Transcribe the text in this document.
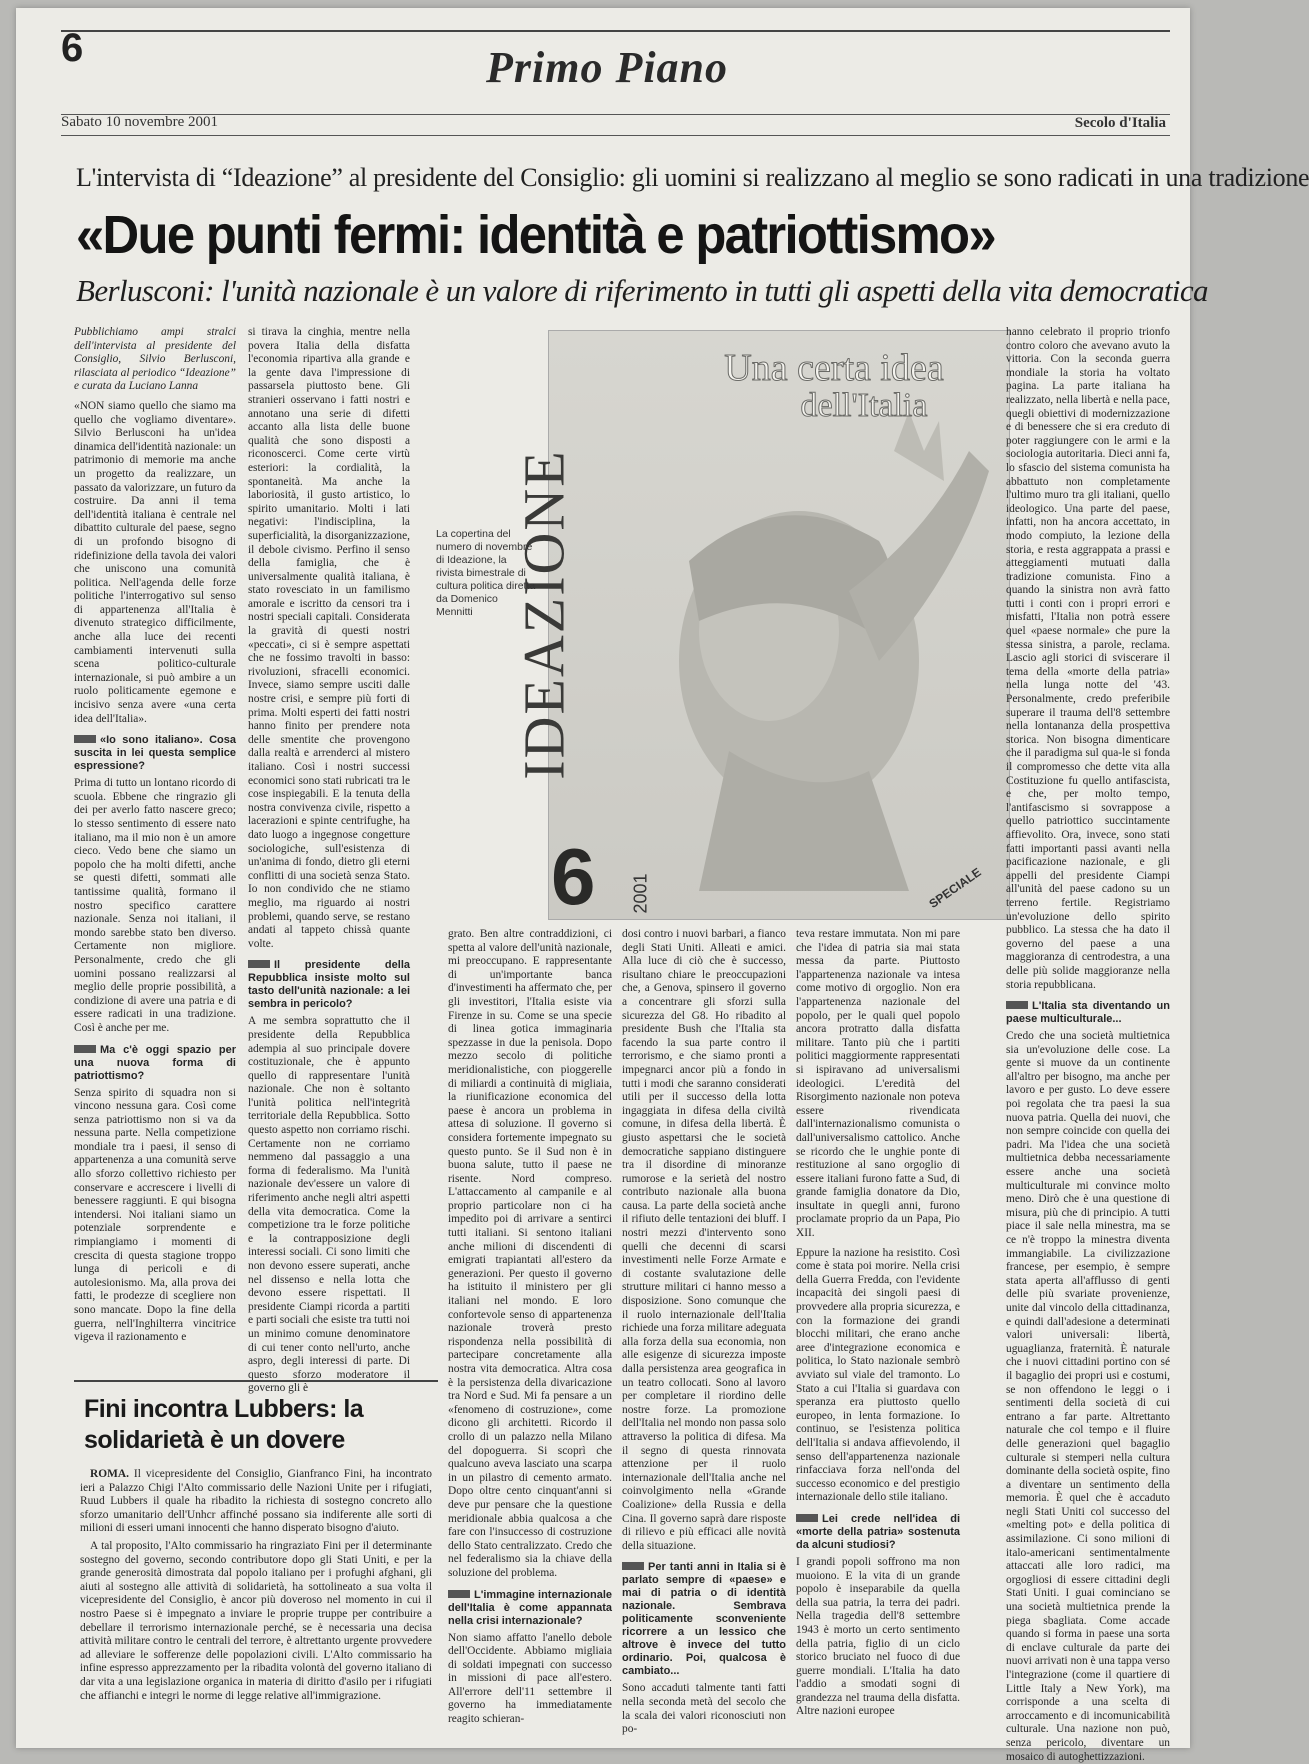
6	Primo Piano
Sabato 10 novembre 2001	Secolo d'Italia
L'intervista di “Ideazione” al presidente del Consiglio: gli uomini si realizzano al meglio se sono radicati in una tradizione
«Due punti fermi: identità e patriottismo»
Berlusconi: l'unità nazionale è un valore di riferimento in tutti gli aspetti della vita democratica

Pubblichiamo ampi stralci dell'intervista al presidente del Consiglio, Silvio Berlusconi, rilasciata al periodico “Ideazione” e curata da Luciano Lanna

«NON siamo quello che siamo ma quello che vogliamo diventare». Silvio Berlusconi ha un'idea dinamica dell'identità nazionale: un patrimonio di memorie ma anche un progetto da realizzare, un passato da valorizzare, un futuro da costruire. Da anni il tema dell'identità italiana è centrale nel dibattito culturale del paese, segno di un profondo bisogno di ridefinizione della tavola dei valori che uniscono una comunità politica. Nell'agenda delle forze politiche l'interrogativo sul senso di appartenenza all'Italia è divenuto strategico difficilmente, anche alla luce dei recenti cambiamenti intervenuti sulla scena politico-culturale internazionale, si può ambire a un ruolo politicamente egemone e incisivo senza avere «una certa idea dell'Italia».

«Io sono italiano». Cosa suscita in lei questa semplice espressione?

Prima di tutto un lontano ricordo di scuola. Ebbene che ringrazio gli dei per averlo fatto nascere greco; lo stesso sentimento di essere nato italiano, ma il mio non è un amore cieco. Vedo bene che siamo un popolo che ha molti difetti, anche se questi difetti, sommati alle tantissime qualità, formano il nostro specifico carattere nazionale. Senza noi italiani, il mondo sarebbe stato ben diverso. Certamente non migliore. Personalmente, credo che gli uomini possano realizzarsi al meglio delle proprie possibilità, a condizione di avere una patria e di essere radicati in una tradizione. Così è anche per me.

Ma c'è oggi spazio per una nuova forma di patriottismo?

Senza spirito di squadra non si vincono nessuna gara. Così come senza patriottismo non si va da nessuna parte. Nella competizione mondiale tra i paesi, il senso di appartenenza a una comunità serve allo sforzo collettivo richiesto per conservare e accrescere i livelli di benessere raggiunti. E qui bisogna intendersi. Noi italiani siamo un potenziale sorprendente e rimpiangiamo i momenti di crescita di questa stagione troppo lunga di pericoli e di autolesionismo. Ma, alla prova dei fatti, le prodezze di scegliere non sono mancate. Dopo la fine della guerra, nell'Inghilterra vincitrice vigeva il razionamento e

si tirava la cinghia, mentre nella povera Italia della disfatta l'economia ripartiva alla grande e la gente dava l'impressione di passarsela piuttosto bene. Gli stranieri osservano i fatti nostri e annotano una serie di difetti accanto alla lista delle buone qualità che sono disposti a riconoscerci. Come certe virtù esteriori: la cordialità, la spontaneità. Ma anche la laboriosità, il gusto artistico, lo spirito umanitario. Molti i lati negativi: l'indisciplina, la superficialità, la disorganizzazione, il debole civismo. Perfino il senso della famiglia, che è universalmente qualità italiana, è stato rovesciato in un familismo amorale e iscritto da censori tra i nostri speciali capitali. Considerata la gravità di questi nostri «peccati», ci si è sempre aspettati che ne fossimo travolti in basso: rivoluzioni, sfracelli economici. Invece, siamo sempre usciti dalle nostre crisi, e sempre più forti di prima. Molti esperti dei fatti nostri hanno finito per prendere nota delle smentite che provengono dalla realtà e arrenderci al mistero italiano. Così i nostri successi economici sono stati rubricati tra le cose inspiegabili. E la tenuta della nostra convivenza civile, rispetto a lacerazioni e spinte centrifughe, ha dato luogo a ingegnose congetture sociologiche, sull'esistenza di un'anima di fondo, dietro gli eterni conflitti di una società senza Stato. Io non condivido che ne stiamo meglio, ma riguardo ai nostri problemi, quando serve, se restano andati al tappeto chissà quante volte.

Il presidente della Repubblica insiste molto sul tasto dell'unità nazionale: a lei sembra in pericolo?

A me sembra soprattutto che il presidente della Repubblica adempia al suo principale dovere costituzionale, che è appunto quello di rappresentare l'unità nazionale. Che non è soltanto l'unità politica nell'integrità territoriale della Repubblica. Sotto questo aspetto non corriamo rischi. Certamente non ne corriamo nemmeno dal passaggio a una forma di federalismo. Ma l'unità nazionale dev'essere un valore di riferimento anche negli altri aspetti della vita democratica. Come la competizione tra le forze politiche e la contrapposizione degli interessi sociali. Ci sono limiti che non devono essere superati, anche nel dissenso e nella lotta che devono essere rispettati. Il presidente Ciampi ricorda a partiti e parti sociali che esiste tra tutti noi un minimo comune denominatore di cui tener conto nell'urto, anche aspro, degli interessi di parte. Di questo sforzo moderatore il governo gli è

Una certa idea
dell'Italia
IDEAZIONE
6 2001	SPECIALE
La copertina del numero di novembre di Ideazione, la rivista bimestrale di cultura politica diretta da Domenico Mennitti

grato. Ben altre contraddizioni, ci spetta al valore dell'unità nazionale, mi preoccupano. E rappresentante di un'importante banca d'investimenti ha affermato che, per gli investitori, l'Italia esiste via Firenze in su. Come se una specie di linea gotica immaginaria spezzasse in due la penisola. Dopo mezzo secolo di politiche meridionalistiche, con pioggerelle di miliardi a continuità di migliaia, la riunificazione economica del paese è ancora un problema in attesa di soluzione. Il governo si considera fortemente impegnato su questo punto. Se il Sud non è in buona salute, tutto il paese ne risente. Nord compreso. L'attaccamento al campanile e al proprio particolare non ci ha impedito poi di arrivare a sentirci tutti italiani. Si sentono italiani anche milioni di discendenti di emigrati trapiantati all'estero da generazioni. Per questo il governo ha istituito il ministero per gli italiani nel mondo. E loro confortevole senso di appartenenza nazionale troverà presto rispondenza nella possibilità di partecipare concretamente alla nostra vita democratica. Altra cosa è la persistenza della divaricazione tra Nord e Sud. Mi fa pensare a un «fenomeno di costruzione», come dicono gli architetti. Ricordo il crollo di un palazzo nella Milano del dopoguerra. Si scoprì che qualcuno aveva lasciato una scarpa in un pilastro di cemento armato. Dopo oltre cento cinquant'anni si deve pur pensare che la questione meridionale abbia qualcosa a che fare con l'insuccesso di costruzione dello Stato centralizzato. Credo che nel federalismo sia la chiave della soluzione del problema.

L'immagine internazionale dell'Italia è come appannata nella crisi internazionale?

Non siamo affatto l'anello debole dell'Occidente. Abbiamo migliaia di soldati impegnati con successo in missioni di pace all'estero. All'errore dell'11 settembre il governo ha immediatamente reagito schieran-

dosi contro i nuovi barbari, a fianco degli Stati Uniti. Alleati e amici. Alla luce di ciò che è successo, risultano chiare le preoccupazioni che, a Genova, spinsero il governo a concentrare gli sforzi sulla sicurezza del G8. Ho ribadito al presidente Bush che l'Italia sta facendo la sua parte contro il terrorismo, e che siamo pronti a impegnarci ancor più a fondo in tutti i modi che saranno considerati utili per il successo della lotta ingaggiata in difesa della civiltà comune, in difesa della libertà. È giusto aspettarsi che le società democratiche sappiano distinguere tra il disordine di minoranze rumorose e la serietà del nostro contributo nazionale alla buona causa. La parte della società anche il rifiuto delle tentazioni dei bluff. I nostri mezzi d'intervento sono quelli che decenni di scarsi investimenti nelle Forze Armate e di costante svalutazione delle strutture militari ci hanno messo a disposizione. Sono comunque che il ruolo internazionale dell'Italia richiede una forza militare adeguata alla forza della sua economia, non alle esigenze di sicurezza imposte dalla persistenza area geografica in un teatro collocati. Sono al lavoro per completare il riordino delle nostre forze. La promozione dell'Italia nel mondo non passa solo attraverso la politica di difesa. Ma il segno di questa rinnovata attenzione per il ruolo internazionale dell'Italia anche nel coinvolgimento nella «Grande Coalizione» della Russia e della Cina. Il governo saprà dare risposte di rilievo e più efficaci alle novità della situazione.

Per tanti anni in Italia si è parlato sempre di «paese» e mai di patria o di identità nazionale. Sembrava politicamente sconveniente ricorrere a un lessico che altrove è invece del tutto ordinario. Poi, qualcosa è cambiato...

Sono accaduti talmente tanti fatti nella seconda metà del secolo che la scala dei valori riconosciuti non po-

teva restare immutata. Non mi pare che l'idea di patria sia mai stata messa da parte. Piuttosto l'appartenenza nazionale va intesa come motivo di orgoglio. Non era l'appartenenza nazionale del popolo, per le quali quel popolo ancora protratto dalla disfatta militare. Tanto più che i partiti politici maggiormente rappresentati si ispiravano ad universalismi ideologici. L'eredità del Risorgimento nazionale non poteva essere rivendicata dall'internazionalismo comunista o dall'universalismo cattolico. Anche se ricordo che le unghie ponte di restituzione al sano orgoglio di essere italiani furono fatte a Sud, di grande famiglia donatore da Dio, insultate in quegli anni, furono proclamate proprio da un Papa, Pio XII.

Eppure la nazione ha resistito. Così come è stata poi morire. Nella crisi della Guerra Fredda, con l'evidente incapacità dei singoli paesi di provvedere alla propria sicurezza, e con la formazione dei grandi blocchi militari, che erano anche aree d'integrazione economica e politica, lo Stato nazionale sembrò avviato sul viale del tramonto. Lo Stato a cui l'Italia si guardava con speranza era piuttosto quello europeo, in lenta formazione. Io continuo, se l'esistenza politica dell'Italia si andava affievolendo, il senso dell'appartenenza nazionale rinfacciava forza nell'onda del successo economico e del prestigio internazionale dello stile italiano.

Lei crede nell'idea di «morte della patria» sostenuta da alcuni studiosi?

I grandi popoli soffrono ma non muoiono. E la vita di un grande popolo è inseparabile da quella della sua patria, la terra dei padri. Nella tragedia dell'8 settembre 1943 è morto un certo sentimento della patria, figlio di un ciclo storico bruciato nel fuoco di due guerre mondiali. L'Italia ha dato l'addio a smodati sogni di grandezza nel trauma della disfatta. Altre nazioni europee

hanno celebrato il proprio trionfo contro coloro che avevano avuto la vittoria. Con la seconda guerra mondiale la storia ha voltato pagina. La parte italiana ha realizzato, nella libertà e nella pace, quegli obiettivi di modernizzazione e di benessere che si era creduto di poter raggiungere con le armi e la sociologia autoritaria. Dieci anni fa, lo sfascio del sistema comunista ha abbattuto non completamente l'ultimo muro tra gli italiani, quello ideologico. Una parte del paese, infatti, non ha ancora accettato, in modo compiuto, la lezione della storia, e resta aggrappata a prassi e atteggiamenti mutuati dalla tradizione comunista. Fino a quando la sinistra non avrà fatto tutti i conti con i propri errori e misfatti, l'Italia non potrà essere quel «paese normale» che pure la stessa sinistra, a parole, reclama. Lascio agli storici di sviscerare il tema della «morte della patria» nella lunga notte del '43. Personalmente, credo preferibile superare il trauma dell'8 settembre nella lontananza della prospettiva storica. Non bisogna dimenticare che il paradigma sul qua-le si fonda il compromesso che dette vita alla Costituzione fu quello antifascista, e che, per molto tempo, l'antifascismo si sovrappose a quello patriottico succintamente affievolito. Ora, invece, sono stati fatti importanti passi avanti nella pacificazione nazionale, e gli appelli del presidente Ciampi all'unità del paese cadono su un terreno fertile. Registriamo un'evoluzione dello spirito pubblico. La stessa che ha dato il governo del paese a una maggioranza di centrodestra, a una delle più solide maggioranze nella storia repubblicana.

L'Italia sta diventando un paese multiculturale...

Credo che una società multietnica sia un'evoluzione delle cose. La gente si muove da un continente all'altro per bisogno, ma anche per lavoro e per gusto. Lo deve essere poi regolata che tra paesi la sua nuova patria. Quella dei nuovi, che non sempre coincide con quella dei padri. Ma l'idea che una società multietnica debba necessariamente essere anche una società multiculturale mi convince molto meno. Dirò che è una questione di misura, più che di principio. A tutti piace il sale nella minestra, ma se ce n'è troppo la minestra diventa immangiabile. La civilizzazione francese, per esempio, è sempre stata aperta all'afflusso di genti delle più svariate provenienze, unite dal vincolo della cittadinanza, e quindi dall'adesione a determinati valori universali: libertà, uguaglianza, fraternità. È naturale che i nuovi cittadini portino con sé il bagaglio dei propri usi e costumi, se non offendono le leggi o i sentimenti della società di cui entrano a far parte. Altrettanto naturale che col tempo e il fluire delle generazioni quel bagaglio culturale si stemperi nella cultura dominante della società ospite, fino a diventare un sentimento della memoria. È quel che è accaduto negli Stati Uniti col successo del «melting pot» e della politica di assimilazione. Ci sono milioni di italo-americani sentimentalmente attaccati alle loro radici, ma orgogliosi di essere cittadini degli Stati Uniti. I guai cominciano se una società multietnica prende la piega sbagliata. Come accade quando si forma in paese una sorta di enclave culturale da parte dei nuovi arrivati non è una tappa verso l'integrazione (come il quartiere di Little Italy a New York), ma corrisponde a una scelta di arroccamento e di incomunicabilità culturale. Una nazione non può, senza pericolo, diventare un mosaico di autoghettizzazioni.

Fini incontra Lubbers: la solidarietà è un dovere

ROMA. Il vicepresidente del Consiglio, Gianfranco Fini, ha incontrato ieri a Palazzo Chigi l'Alto commissario delle Nazioni Unite per i rifugiati, Ruud Lubbers il quale ha ribadito la richiesta di sostegno concreto allo sforzo umanitario dell'Unhcr affinché possano sia indiferente alle sorti di milioni di esseri umani innocenti che hanno disperato bisogno d'aiuto.

A tal proposito, l'Alto commissario ha ringraziato Fini per il determinante sostegno del governo, secondo contributore dopo gli Stati Uniti, e per la grande generosità dimostrata dal popolo italiano per i profughi afghani, gli aiuti al sostegno alle attività di solidarietà, ha sottolineato a sua volta il vicepresidente del Consiglio, è ancor più doveroso nel momento in cui il nostro Paese si è impegnato a inviare le proprie truppe per contribuire a debellare il terrorismo internazionale perché, se è necessaria una decisa attività militare contro le centrali del terrore, è altrettanto urgente provvedere ad alleviare le sofferenze delle popolazioni civili. L'Alto commissario ha infine espresso apprezzamento per la ribadita volontà del governo italiano di dar vita a una legislazione organica in materia di diritto d'asilo per i rifugiati che affianchi e integri le norme di legge relative all'immigrazione.
